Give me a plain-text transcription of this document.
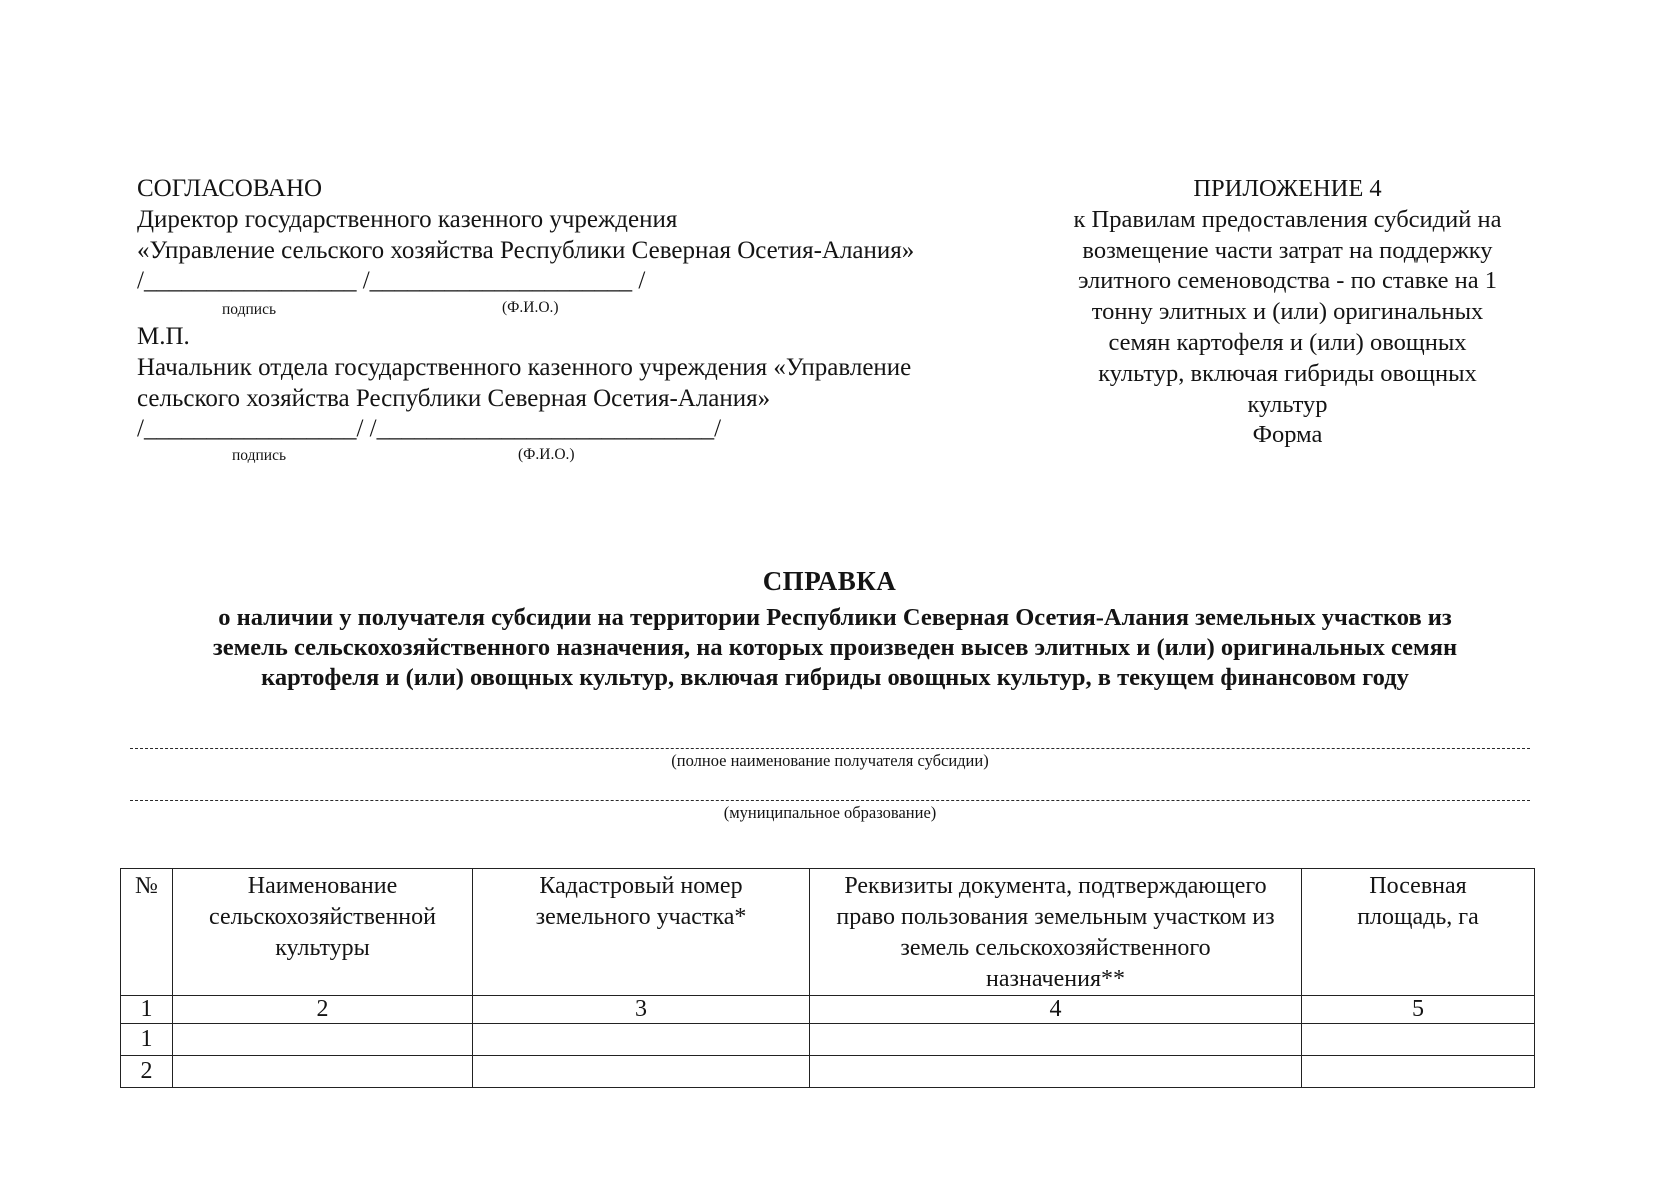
СОГЛАСОВАНО
Директор государственного казенного учреждения
«Управление сельского хозяйства Республики Северная Осетия-Алания»
/_________________ /_____________________ /
подпись	(Ф.И.О.)
М.П.
Начальник отдела государственного казенного учреждения «Управление
сельского хозяйства Республики Северная Осетия-Алания»
/_________________/ /___________________________/
подпись	(Ф.И.О.)
ПРИЛОЖЕНИЕ 4
к Правилам предоставления субсидий на
возмещение части затрат на поддержку
элитного семеноводства - по ставке на 1
тонну элитных и (или) оригинальных
семян картофеля и (или) овощных
культур, включая гибриды овощных
культур
Форма
СПРАВКА
о наличии у получателя субсидии на территории Республики Северная Осетия-Алания земельных участков из
земель сельскохозяйственного назначения, на которых произведен высев элитных и (или) оригинальных семян
картофеля и (или) овощных культур, включая гибриды овощных культур, в текущем финансовом году
(полное наименование получателя субсидии)
(муниципальное образование)
№	Наименование сельскохозяйственной культуры	Кадастровый номер земельного участка*	Реквизиты документа, подтверждающего право пользования земельным участком из земель сельскохозяйственного назначения**	Посевная площадь, га
1	2	3	4	5
1				
2				
